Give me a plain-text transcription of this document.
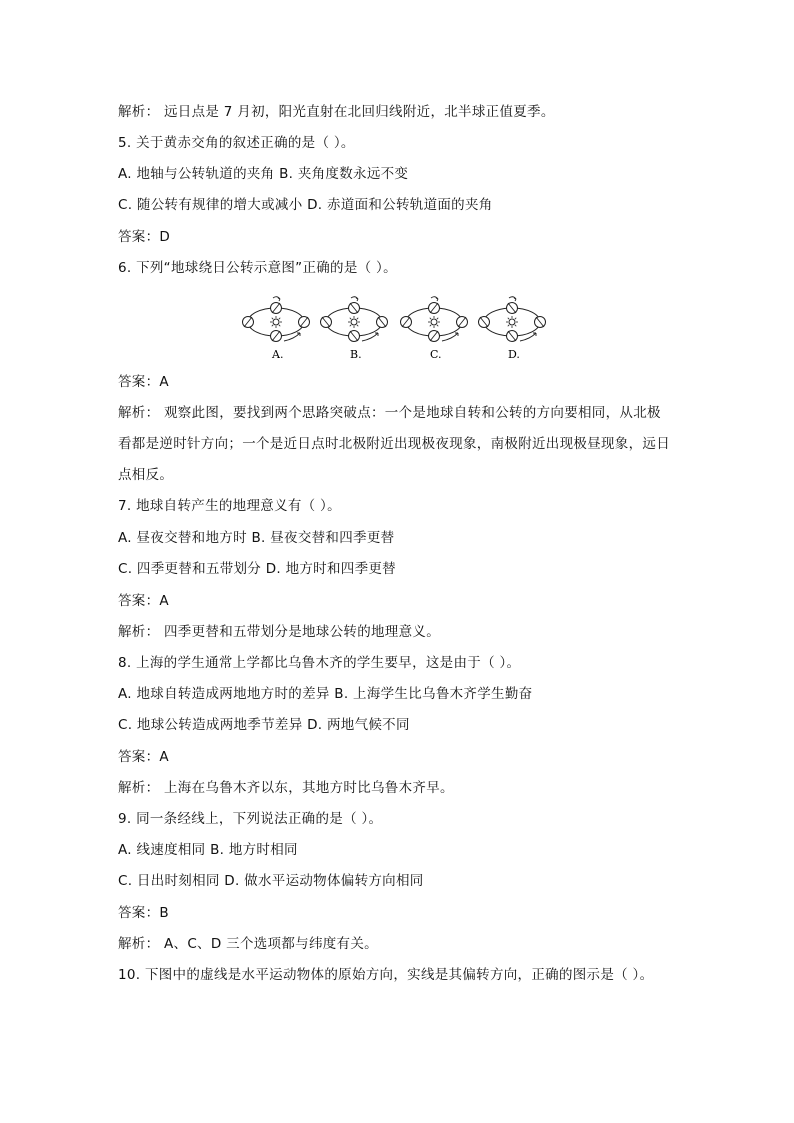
解析： 远日点是 7 月初，阳光直射在北回归线附近，北半球正值夏季。
5. 关于黄赤交角的叙述正确的是（ ）。
A. 地轴与公转轨道的夹角 B. 夹角度数永远不变
C. 随公转有规律的增大或减小 D. 赤道面和公转轨道面的夹角
答案：D
6. 下列“地球绕日公转示意图”正确的是（ ）。
A.	B.	C.	D.
答案：A
解析： 观察此图，要找到两个思路突破点：一个是地球自转和公转的方向要相同，从北极
看都是逆时针方向；一个是近日点时北极附近出现极夜现象，南极附近出现极昼现象，远日
点相反。
7. 地球自转产生的地理意义有（ ）。
A. 昼夜交替和地方时 B. 昼夜交替和四季更替
C. 四季更替和五带划分 D. 地方时和四季更替
答案：A
解析： 四季更替和五带划分是地球公转的地理意义。
8. 上海的学生通常上学都比乌鲁木齐的学生要早，这是由于（ ）。
A. 地球自转造成两地地方时的差异 B. 上海学生比乌鲁木齐学生勤奋
C. 地球公转造成两地季节差异 D. 两地气候不同
答案：A
解析： 上海在乌鲁木齐以东，其地方时比乌鲁木齐早。
9. 同一条经线上，下列说法正确的是（ ）。
A. 线速度相同 B. 地方时相同
C. 日出时刻相同 D. 做水平运动物体偏转方向相同
答案：B
解析： A、C、D 三个选项都与纬度有关。
10. 下图中的虚线是水平运动物体的原始方向，实线是其偏转方向，正确的图示是（ ）。
